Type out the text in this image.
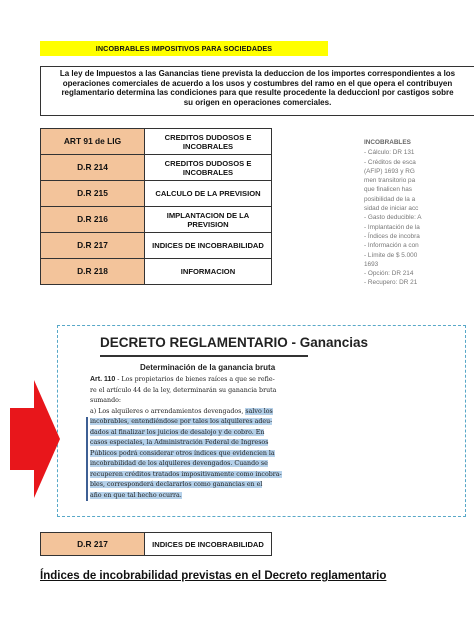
INCOBRABLES IMPOSITIVOS PARA SOCIEDADES
La ley de Impuestos a las Ganancias tiene prevista la deduccion de los importes correspondientes a los
operaciones comerciales de acuerdo a los usos y costumbres del ramo en el que opera el contribuyen
reglamentario determina las condiciones para que resulte procedente la deduccionl por castigos sobre
su origen en operaciones comerciales.
ART 91 de LIG	CREDITOS DUDOSOS E INCOBRALES
D.R 214	CREDITOS DUDOSOS E INCOBRALES
D.R 215	CALCULO DE LA PREVISION
D.R 216	IMPLANTACION DE LA PREVISION
D.R 217	INDICES DE INCOBRABILIDAD
D.R 218	INFORMACION
INCOBRABLES
- Cálculo: DR 131
- Créditos de esca
(AFIP) 1693 y RG
men transitorio pa
que finalicen has
posibilidad de la a
sidad de iniciar acc
- Gasto deducible: A
- Implantación de la
- Índices de incobra
- Información a con
- Límite de $ 5.000
1693
- Opción: DR 214
- Recupero: DR 21
DECRETO REGLAMENTARIO - Ganancias
Determinación de la ganancia bruta
Art. 110 - Los propietarios de bienes raíces a que se refie-
re el artículo 44 de la ley, determinarán su ganancia bruta
sumando:
a) Los alquileres o arrendamientos devengados, salvo los
incobrables, entendiéndose por tales los alquileres adeu-
dados al finalizar los juicios de desalojo y de cobro. En
casos especiales, la Administración Federal de Ingresos
Públicos podrá considerar otros índices que evidencien la
incobrabilidad de los alquileres devengados. Cuando se
recuperen créditos tratados impositivamente como incobra-
bles, corresponderá declararlos como ganancias en el
año en que tal hecho ocurra.
D.R 217	INDICES DE INCOBRABILIDAD
Índices de incobrabilidad previstas en el Decreto reglamentario
